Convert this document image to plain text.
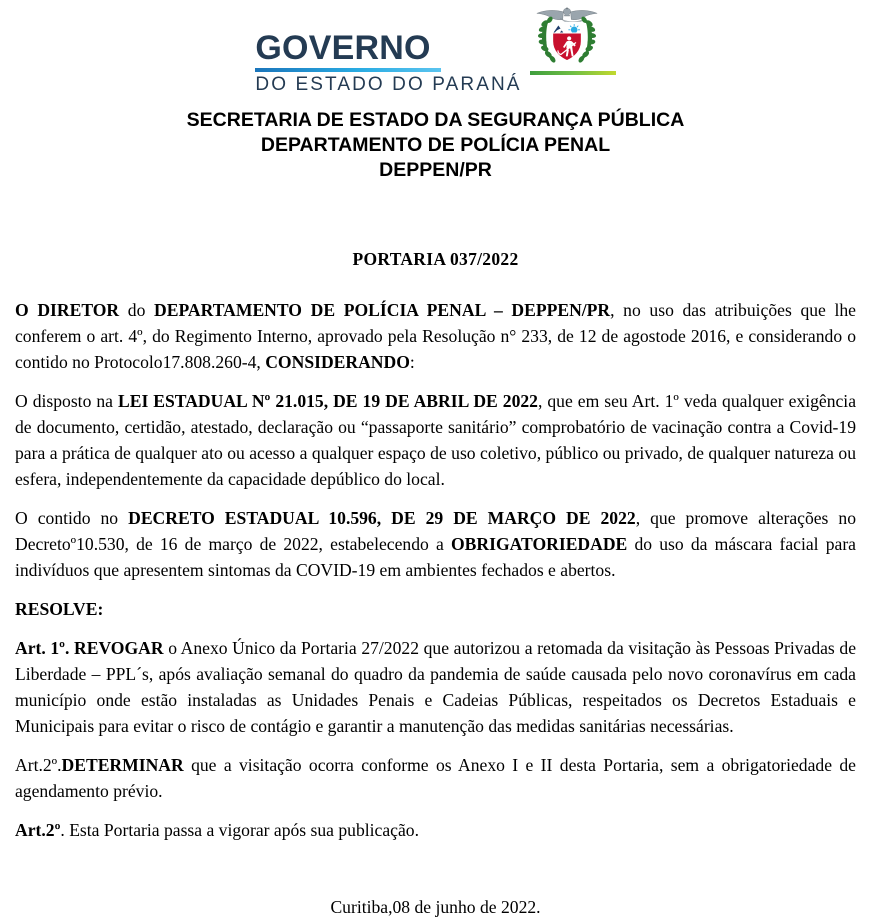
GOVERNO
DO ESTADO DO PARANÁ
SECRETARIA DE ESTADO DA SEGURANÇA PÚBLICA
DEPARTAMENTO DE POLÍCIA PENAL
DEPPEN/PR
PORTARIA 037/2022

O DIRETOR do DEPARTAMENTO DE POLÍCIA PENAL – DEPPEN/PR, no uso das atribuições que lhe conferem o art. 4º, do Regimento Interno, aprovado pela Resolução n° 233, de 12 de agostode 2016, e considerando o contido no Protocolo17.808.260-4, CONSIDERANDO:

O disposto na LEI ESTADUAL Nº 21.015, DE 19 DE ABRIL DE 2022, que em seu Art. 1º veda qualquer exigência de documento, certidão, atestado, declaração ou “passaporte sanitário” comprobatório de vacinação contra a Covid-19 para a prática de qualquer ato ou acesso a qualquer espaço de uso coletivo, público ou privado, de qualquer natureza ou esfera, independentemente da capacidade depúblico do local.

O contido no DECRETO ESTADUAL 10.596, DE 29 DE MARÇO DE 2022, que promove alterações no Decretoº10.530, de 16 de março de 2022, estabelecendo a OBRIGATORIEDADE do uso da máscara facial para indivíduos que apresentem sintomas da COVID-19 em ambientes fechados e abertos.

RESOLVE:

Art. 1º. REVOGAR o Anexo Único da Portaria 27/2022 que autorizou a retomada da visitação às Pessoas Privadas de Liberdade – PPL´s, após avaliação semanal do quadro da pandemia de saúde causada pelo novo coronavírus em cada município onde estão instaladas as Unidades Penais e Cadeias Públicas, respeitados os Decretos Estaduais e Municipais para evitar o risco de contágio e garantir a manutenção das medidas sanitárias necessárias.

Art.2º.DETERMINAR que a visitação ocorra conforme os Anexo I e II desta Portaria, sem a obrigatoriedade de agendamento prévio.

Art.2º. Esta Portaria passa a vigorar após sua publicação.

Curitiba,08 de junho de 2022.
